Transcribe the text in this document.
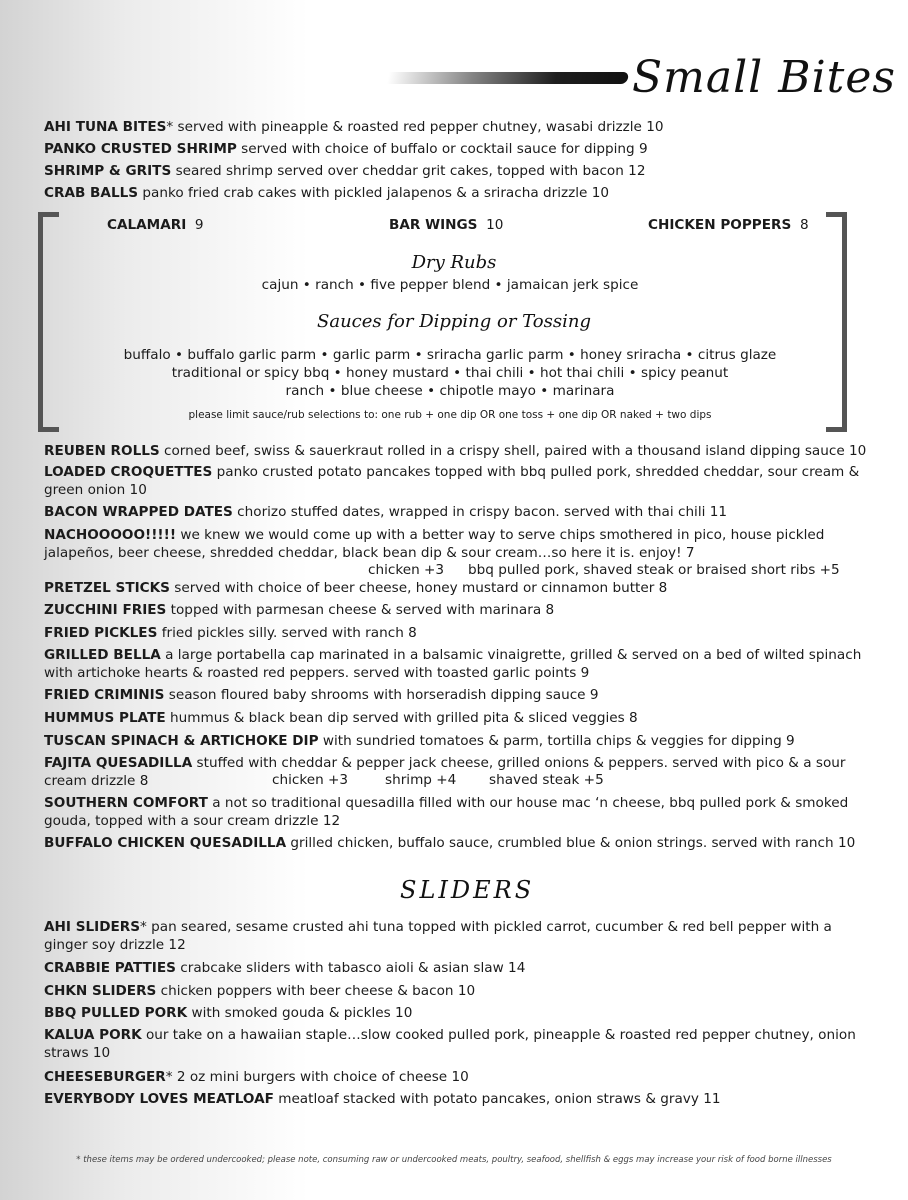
Small Bites
AHI TUNA BITES* served with pineapple & roasted red pepper chutney, wasabi drizzle 10
PANKO CRUSTED SHRIMP served with choice of buffalo or cocktail sauce for dipping 9
SHRIMP & GRITS seared shrimp served over cheddar grit cakes, topped with bacon 12
CRAB BALLS panko fried crab cakes with pickled jalapenos & a sriracha drizzle 10
CALAMARI 9	BAR WINGS 10	CHICKEN POPPERS 8
Dry Rubs
cajun • ranch • five pepper blend • jamaican jerk spice
Sauces for Dipping or Tossing
buffalo • buffalo garlic parm • garlic parm • sriracha garlic parm • honey sriracha • citrus glaze
traditional or spicy bbq • honey mustard • thai chili • hot thai chili • spicy peanut
ranch • blue cheese • chipotle mayo • marinara
please limit sauce/rub selections to: one rub + one dip OR one toss + one dip OR naked + two dips
REUBEN ROLLS corned beef, swiss & sauerkraut rolled in a crispy shell, paired with a thousand island dipping sauce 10
LOADED CROQUETTES panko crusted potato pancakes topped with bbq pulled pork, shredded cheddar, sour cream & green onion 10
BACON WRAPPED DATES chorizo stuffed dates, wrapped in crispy bacon. served with thai chili 11
NACHOOOOO!!!!! we knew we would come up with a better way to serve chips smothered in pico, house pickled jalapeños, beer cheese, shredded cheddar, black bean dip & sour cream…so here it is. enjoy! 7
chicken +3 bbq pulled pork, shaved steak or braised short ribs +5
PRETZEL STICKS served with choice of beer cheese, honey mustard or cinnamon butter 8
ZUCCHINI FRIES topped with parmesan cheese & served with marinara 8
FRIED PICKLES fried pickles silly. served with ranch 8
GRILLED BELLA a large portabella cap marinated in a balsamic vinaigrette, grilled & served on a bed of wilted spinach with artichoke hearts & roasted red peppers. served with toasted garlic points 9
FRIED CRIMINIS season floured baby shrooms with horseradish dipping sauce 9
HUMMUS PLATE hummus & black bean dip served with grilled pita & sliced veggies 8
TUSCAN SPINACH & ARTICHOKE DIP with sundried tomatoes & parm, tortilla chips & veggies for dipping 9
FAJITA QUESADILLA stuffed with cheddar & pepper jack cheese, grilled onions & peppers. served with pico & a sour cream drizzle 8	chicken +3	shrimp +4 shaved steak +5
SOUTHERN COMFORT a not so traditional quesadilla filled with our house mac ‘n cheese, bbq pulled pork & smoked gouda, topped with a sour cream drizzle 12
BUFFALO CHICKEN QUESADILLA grilled chicken, buffalo sauce, crumbled blue & onion strings. served with ranch 10
SLIDERS
AHI SLIDERS* pan seared, sesame crusted ahi tuna topped with pickled carrot, cucumber & red bell pepper with a ginger soy drizzle 12
CRABBIE PATTIES crabcake sliders with tabasco aioli & asian slaw 14
CHKN SLIDERS chicken poppers with beer cheese & bacon 10
BBQ PULLED PORK with smoked gouda & pickles 10
KALUA PORK our take on a hawaiian staple…slow cooked pulled pork, pineapple & roasted red pepper chutney, onion straws 10
CHEESEBURGER* 2 oz mini burgers with choice of cheese 10
EVERYBODY LOVES MEATLOAF meatloaf stacked with potato pancakes, onion straws & gravy 11
* these items may be ordered undercooked; please note, consuming raw or undercooked meats, poultry, seafood, shellfish & eggs may increase your risk of food borne illnesses
